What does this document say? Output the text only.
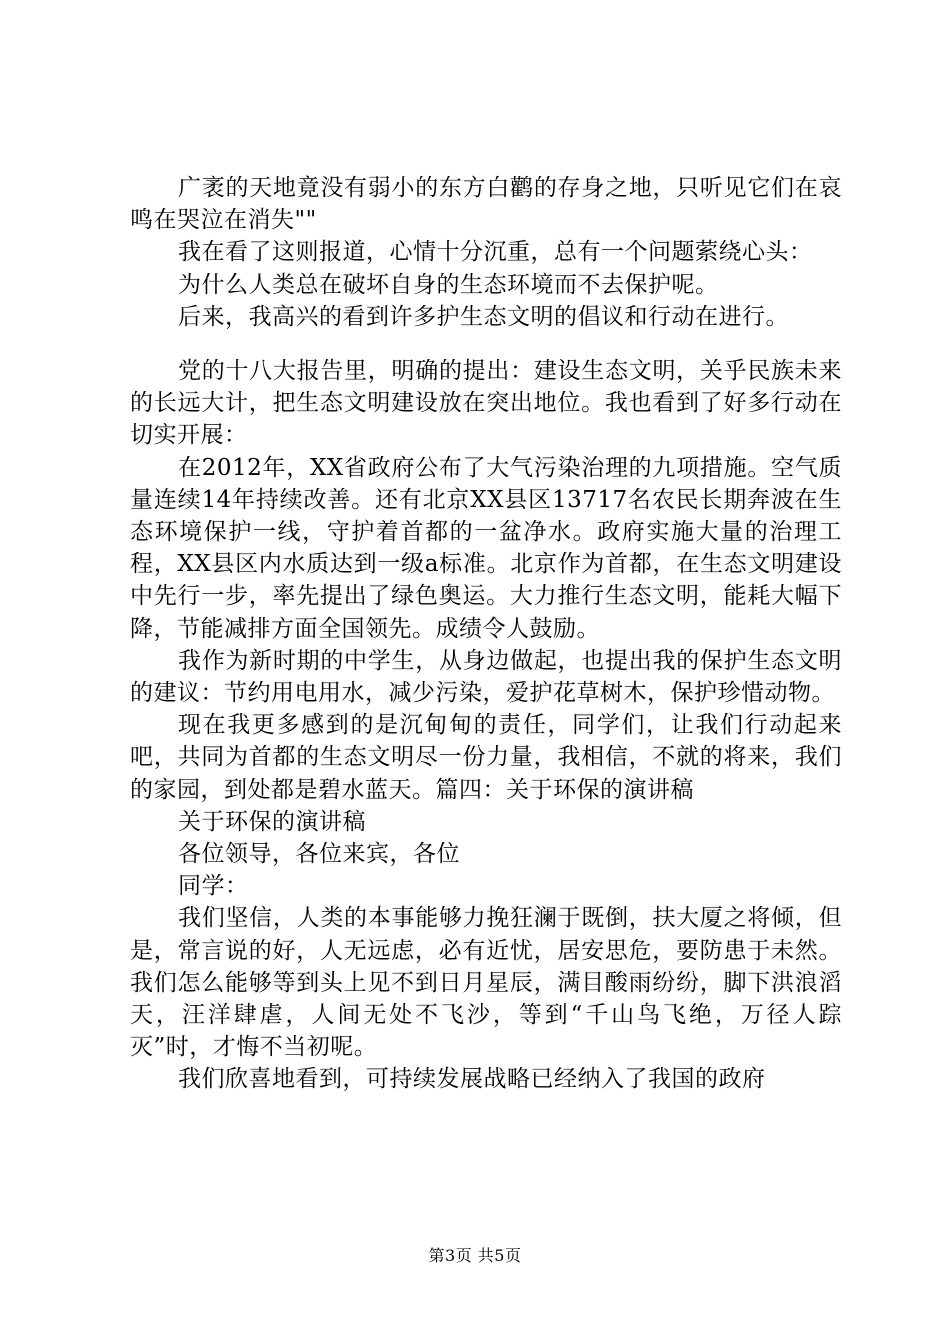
广袤的天地竟没有弱小的东方白鹳的存身之地，只听见它们在哀鸣在哭泣在消失""

我在看了这则报道，心情十分沉重，总有一个问题萦绕心头：

为什么人类总在破坏自身的生态环境而不去保护呢。

后来，我高兴的看到许多护生态文明的倡议和行动在进行。

党的十八大报告里，明确的提出：建设生态文明，关乎民族未来的长远大计，把生态文明建设放在突出地位。我也看到了好多行动在切实开展：

在2012年，XX省政府公布了大气污染治理的九项措施。空气质量连续14年持续改善。还有北京XX县区13717名农民长期奔波在生态环境保护一线，守护着首都的一盆净水。政府实施大量的治理工程，XX县区内水质达到一级a标准。北京作为首都，在生态文明建设中先行一步，率先提出了绿色奥运。大力推行生态文明，能耗大幅下降，节能减排方面全国领先。成绩令人鼓励。

我作为新时期的中学生，从身边做起，也提出我的保护生态文明的建议：节约用电用水，减少污染，爱护花草树木，保护珍惜动物。

现在我更多感到的是沉甸甸的责任，同学们，让我们行动起来吧，共同为首都的生态文明尽一份力量，我相信，不就的将来，我们的家园，到处都是碧水蓝天。篇四：关于环保的演讲稿

关于环保的演讲稿

各位领导，各位来宾，各位

同学：

我们坚信，人类的本事能够力挽狂澜于既倒，扶大厦之将倾，但是，常言说的好，人无远虑，必有近忧，居安思危，要防患于未然。我们怎么能够等到头上见不到日月星辰，满目酸雨纷纷，脚下洪浪滔天，汪洋肆虐，人间无处不飞沙，等到“千山鸟飞绝，万径人踪灭”时，才悔不当初呢。

我们欣喜地看到，可持续发展战略已经纳入了我国的政府

第3页 共5页
